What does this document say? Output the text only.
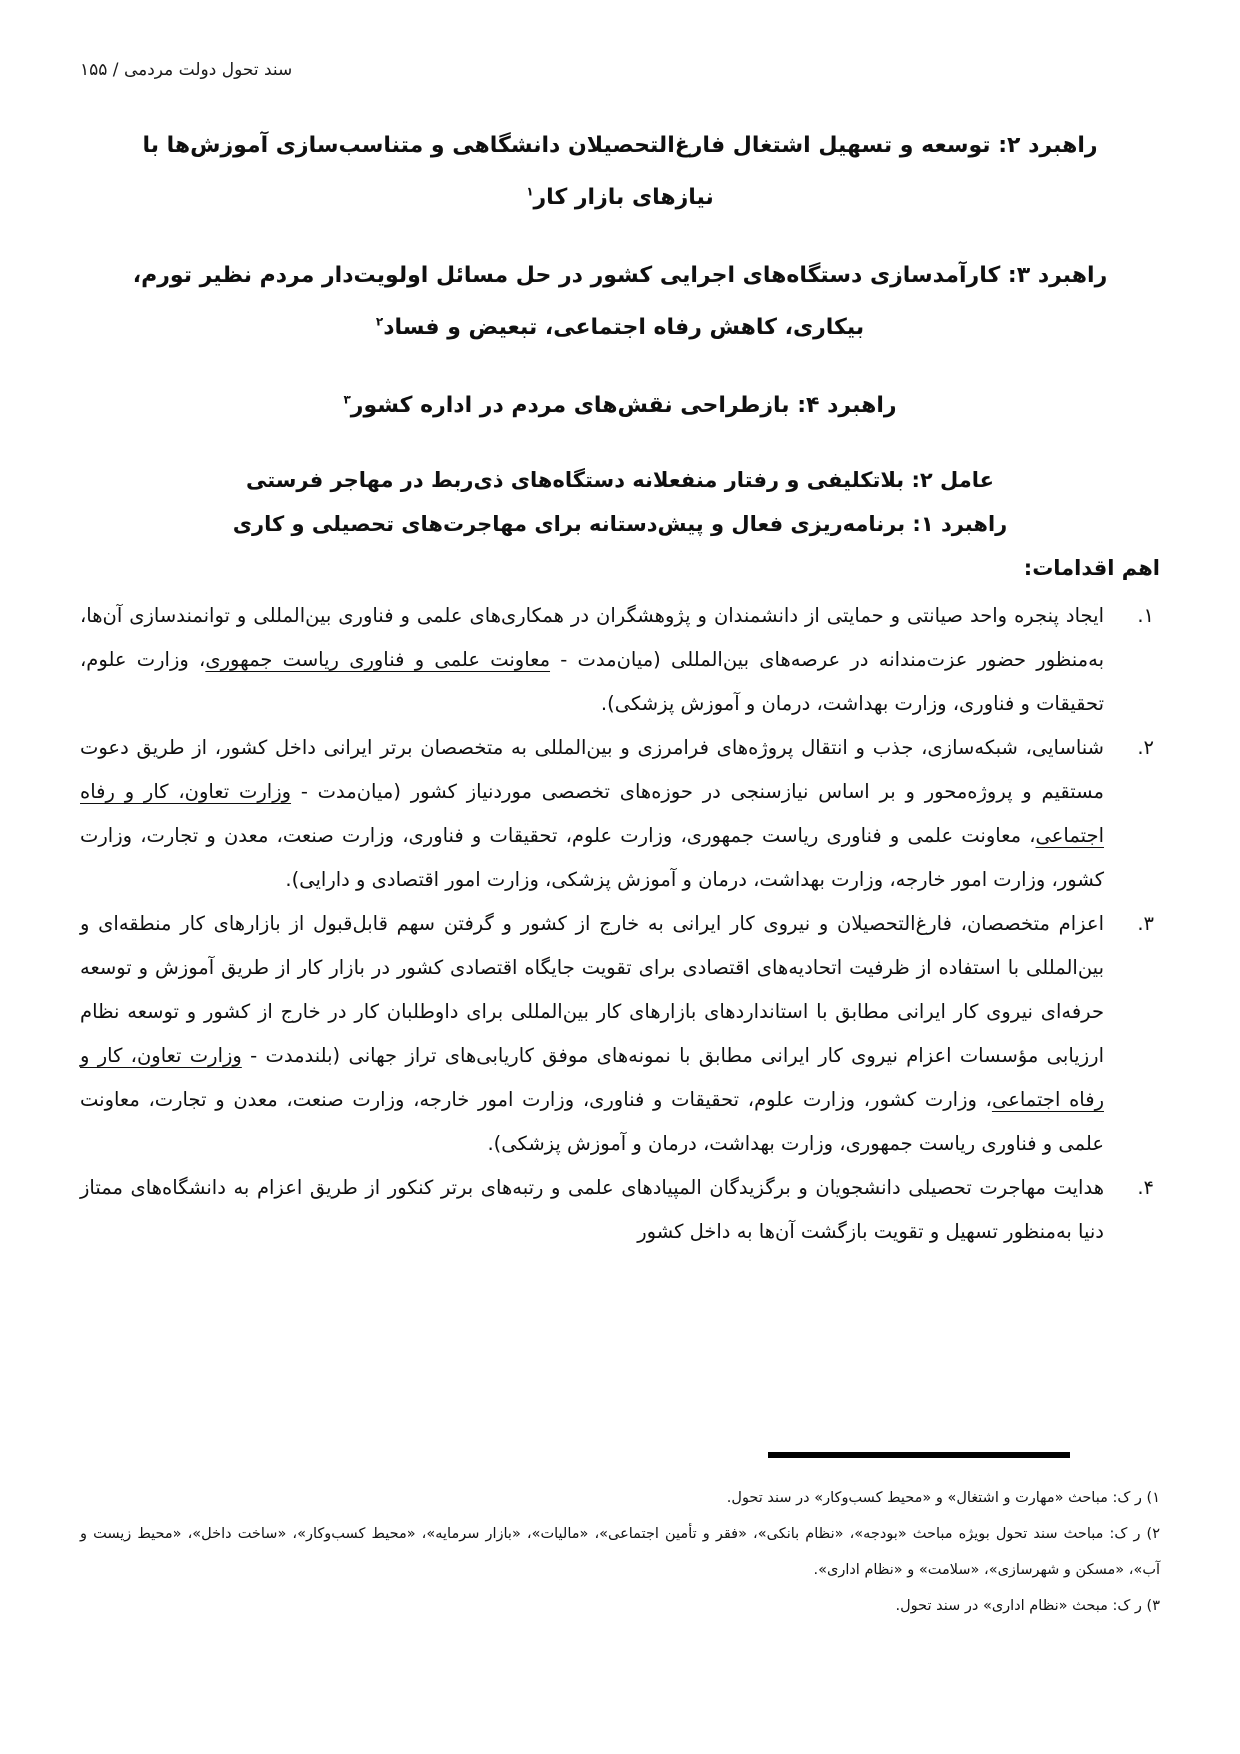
سند تحول دولت مردمی / ۱۵۵
راهبرد ۲: توسعه و تسهیل اشتغال فارغ‌التحصیلان دانشگاهی و متناسب‌سازی آموزش‌ها با
نیازهای بازار کار$^۱$
راهبرد ۳: کارآمدسازی دستگاه‌های اجرایی کشور در حل مسائل اولویت‌دار مردم نظیر تورم،
بیکاری، کاهش رفاه اجتماعی، تبعیض و فساد$^۲$
راهبرد ۴: بازطراحی نقش‌های مردم در اداره کشور$^۳$
عامل ۲: بلاتکلیفی و رفتار منفعلانه دستگاه‌های ذی‌ربط در مهاجر فرستی
راهبرد ۱: برنامه‌ریزی فعال و پیش‌دستانه برای مهاجرت‌های تحصیلی و کاری
اهم اقدامات:
۱.
ایجاد پنجره واحد صیانتی و حمایتی از دانشمندان و پژوهشگران در همکاری‌های علمی و فناوری بین‌المللی و توانمندسازی آن‌ها، به‌منظور حضور عزت‌مندانه در عرصه‌های بین‌المللی (میان‌مدت - معاونت علمی و فناوری ریاست جمهوری، وزارت علوم، تحقیقات و فناوری، وزارت بهداشت، درمان و آموزش پزشکی).
۲.
شناسایی، شبکه‌سازی، جذب و انتقال پروژه‌های فرامرزی و بین‌المللی به متخصصان برتر ایرانی داخل کشور، از طریق دعوت مستقیم و پروژه‌محور و بر اساس نیازسنجی در حوزه‌های تخصصی موردنیاز کشور (میان‌مدت - وزارت تعاون، کار و رفاه اجتماعی، معاونت علمی و فناوری ریاست جمهوری، وزارت علوم، تحقیقات و فناوری، وزارت صنعت، معدن و تجارت، وزارت کشور، وزارت امور خارجه، وزارت بهداشت، درمان و آموزش پزشکی، وزارت امور اقتصادی و دارایی).
۳.
اعزام متخصصان، فارغ‌التحصیلان و نیروی کار ایرانی به خارج از کشور و گرفتن سهم قابل‌قبول از بازارهای کار منطقه‌ای و بین‌المللی با استفاده از ظرفیت اتحادیه‌های اقتصادی برای تقویت جایگاه اقتصادی کشور در بازار کار از طریق آموزش و توسعه حرفه‌ای نیروی کار ایرانی مطابق با استانداردهای بازارهای کار بین‌المللی برای داوطلبان کار در خارج از کشور و توسعه نظام ارزیابی مؤسسات اعزام نیروی کار ایرانی مطابق با نمونه‌های موفق کاریابی‌های تراز جهانی (بلندمدت - وزارت تعاون، کار و رفاه اجتماعی، وزارت کشور، وزارت علوم، تحقیقات و فناوری، وزارت امور خارجه، وزارت صنعت، معدن و تجارت، معاونت علمی و فناوری ریاست جمهوری، وزارت بهداشت، درمان و آموزش پزشکی).
۴.
هدایت مهاجرت تحصیلی دانشجویان و برگزیدگان المپیادهای علمی و رتبه‌های برتر کنکور از طریق اعزام به دانشگاه‌های ممتاز دنیا به‌منظور تسهیل و تقویت بازگشت آن‌ها به داخل کشور
۱) ر ک: مباحث «مهارت و اشتغال» و «محیط کسب‌وکار» در سند تحول.
۲) ر ک: مباحث سند تحول بویژه مباحث «بودجه»، «نظام بانکی»، «فقر و تأمین اجتماعی»، «مالیات»، «بازار سرمایه»، «محیط کسب‌وکار»، «ساخت داخل»، «محیط زیست و آب»، «مسکن و شهرسازی»، «سلامت» و «نظام اداری».
۳) ر ک: مبحث «نظام اداری» در سند تحول.
